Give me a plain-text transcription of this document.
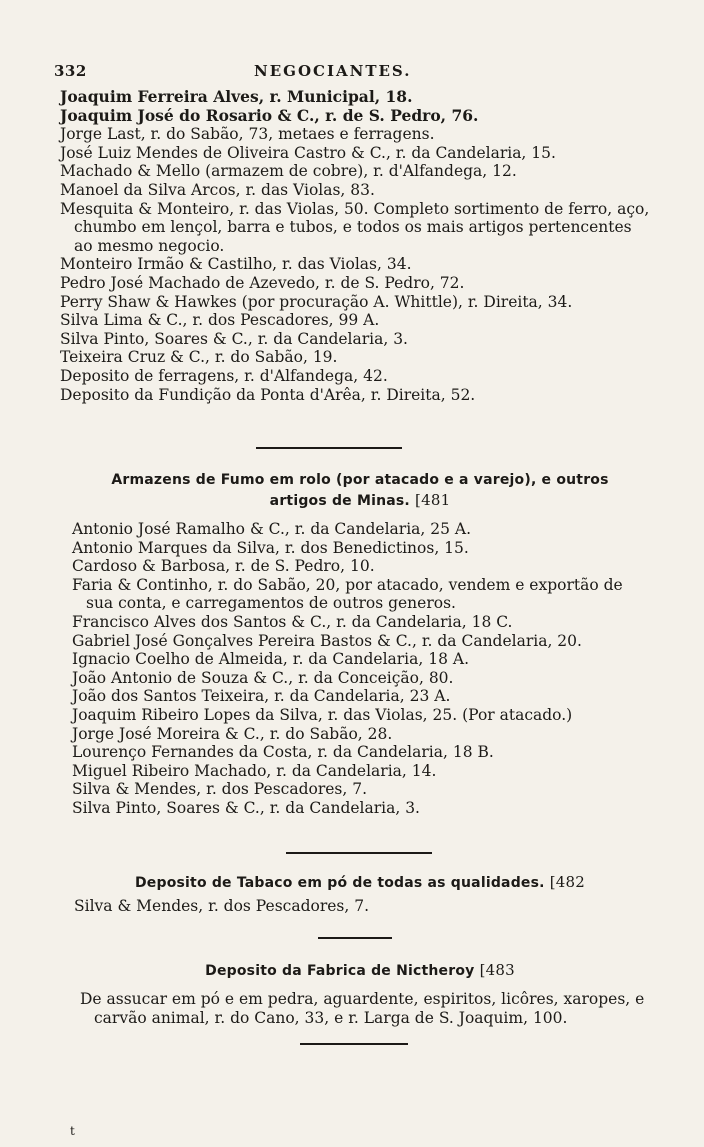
332	NEGOCIANTES.

Joaquim Ferreira Alves, r. Municipal, 18.

Joaquim José do Rosario & C., r. de S. Pedro, 76.

Jorge Last, r. do Sabão, 73, metaes e ferragens.

José Luiz Mendes de Oliveira Castro & C., r. da Candelaria, 15.

Machado & Mello (armazem de cobre), r. d'Alfandega, 12.

Manoel da Silva Arcos, r. das Violas, 83.

Mesquita & Monteiro, r. das Violas, 50. Completo sortimento de ferro, aço, chumbo em lençol, barra e tubos, e todos os mais artigos pertencentes ao mesmo negocio.

Monteiro Irmão & Castilho, r. das Violas, 34.

Pedro José Machado de Azevedo, r. de S. Pedro, 72.

Perry Shaw & Hawkes (por procuração A. Whittle), r. Direita, 34.

Silva Lima & C., r. dos Pescadores, 99 A.

Silva Pinto, Soares & C., r. da Candelaria, 3.

Teixeira Cruz & C., r. do Sabão, 19.

Deposito de ferragens, r. d'Alfandega, 42.

Deposito da Fundição da Ponta d'Arêa, r. Direita, 52.

Armazens de Fumo em rolo (por atacado e a varejo), e outros
artigos de Minas. [481

Antonio José Ramalho & C., r. da Candelaria, 25 A.

Antonio Marques da Silva, r. dos Benedictinos, 15.

Cardoso & Barbosa, r. de S. Pedro, 10.

Faria & Continho, r. do Sabão, 20, por atacado, vendem e exportão de sua conta, e carregamentos de outros generos.

Francisco Alves dos Santos & C., r. da Candelaria, 18 C.

Gabriel José Gonçalves Pereira Bastos & C., r. da Candelaria, 20.

Ignacio Coelho de Almeida, r. da Candelaria, 18 A.

João Antonio de Souza & C., r. da Conceição, 80.

João dos Santos Teixeira, r. da Candelaria, 23 A.

Joaquim Ribeiro Lopes da Silva, r. das Violas, 25. (Por atacado.)

Jorge José Moreira & C., r. do Sabão, 28.

Lourenço Fernandes da Costa, r. da Candelaria, 18 B.

Miguel Ribeiro Machado, r. da Candelaria, 14.

Silva & Mendes, r. dos Pescadores, 7.

Silva Pinto, Soares & C., r. da Candelaria, 3.

Deposito de Tabaco em pó de todas as qualidades. [482

Silva & Mendes, r. dos Pescadores, 7.

Deposito da Fabrica de Nictheroy [483

De assucar em pó e em pedra, aguardente, espiritos, licôres, xaropes, e carvão animal, r. do Cano, 33, e r. Larga de S. Joaquim, 100.

t
